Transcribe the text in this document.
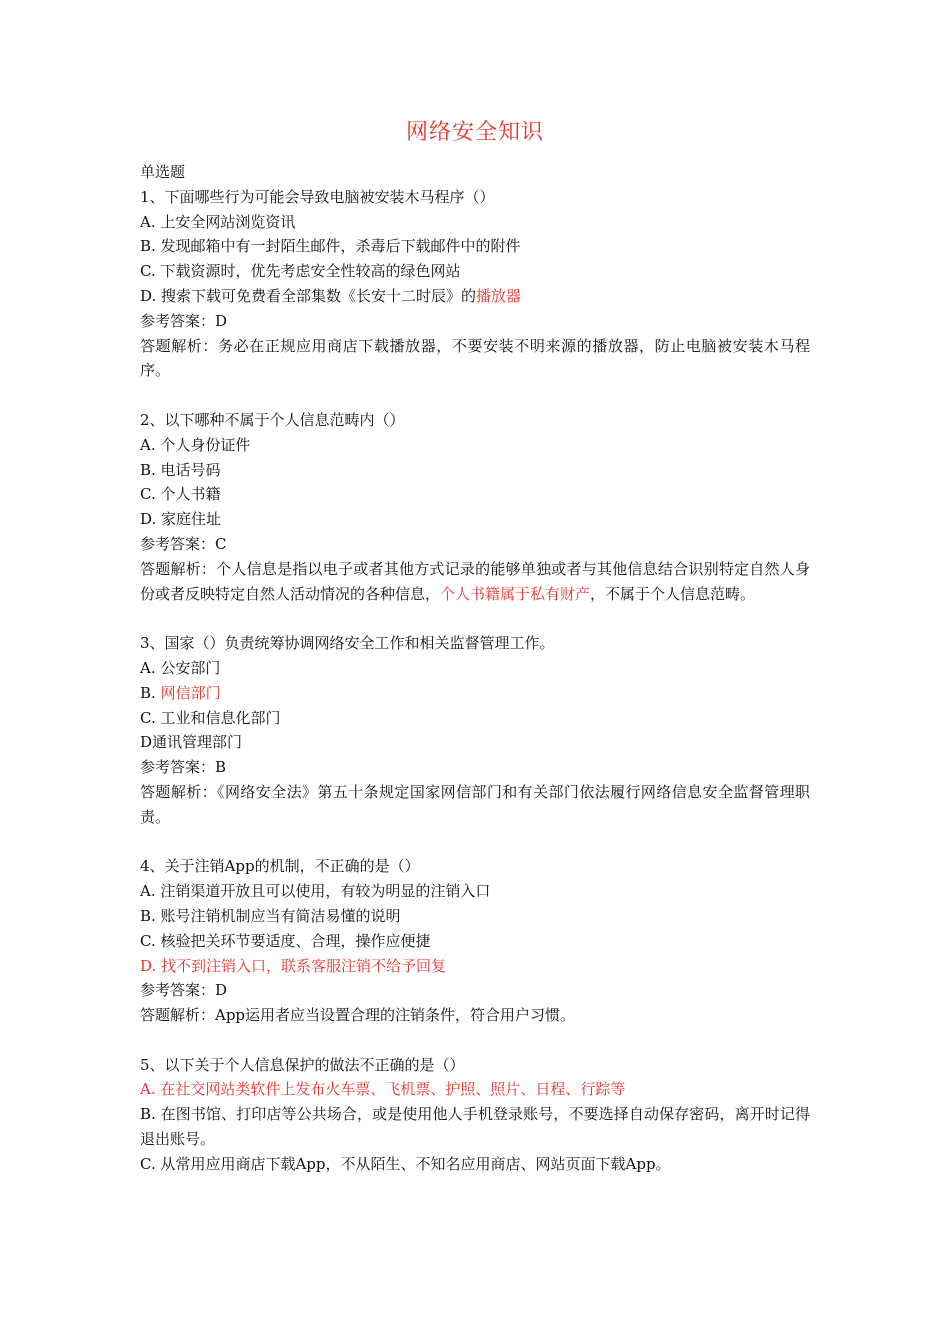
网络安全知识

单选题

1、下面哪些行为可能会导致电脑被安装木马程序（）

A. 上安全网站浏览资讯

B. 发现邮箱中有一封陌生邮件，杀毒后下载邮件中的附件

C. 下载资源时，优先考虑安全性较高的绿色网站

D. 搜索下载可免费看全部集数《长安十二时辰》的播放器

参考答案：D

答题解析：务必在正规应用商店下载播放器，不要安装不明来源的播放器，防止电脑被安装木马程序。

2、以下哪种不属于个人信息范畴内（）

A. 个人身份证件

B. 电话号码

C. 个人书籍

D. 家庭住址

参考答案：C

答题解析：个人信息是指以电子或者其他方式记录的能够单独或者与其他信息结合识别特定自然人身份或者反映特定自然人活动情况的各种信息，个人书籍属于私有财产，不属于个人信息范畴。

3、国家（）负责统筹协调网络安全工作和相关监督管理工作。

A. 公安部门

B. 网信部门

C. 工业和信息化部门

D通讯管理部门

参考答案：B

答题解析：《网络安全法》第五十条规定国家网信部门和有关部门依法履行网络信息安全监督管理职责。

4、关于注销App的机制，不正确的是（）

A. 注销渠道开放且可以使用，有较为明显的注销入口

B. 账号注销机制应当有简洁易懂的说明

C. 核验把关环节要适度、合理，操作应便捷

D. 找不到注销入口，联系客服注销不给予回复

参考答案：D

答题解析：App运用者应当设置合理的注销条件，符合用户习惯。

5、以下关于个人信息保护的做法不正确的是（）

A. 在社交网站类软件上发布火车票、飞机票、护照、照片、日程、行踪等

B. 在图书馆、打印店等公共场合，或是使用他人手机登录账号，不要选择自动保存密码，离开时记得退出账号。

C. 从常用应用商店下载App，不从陌生、不知名应用商店、网站页面下载App。
